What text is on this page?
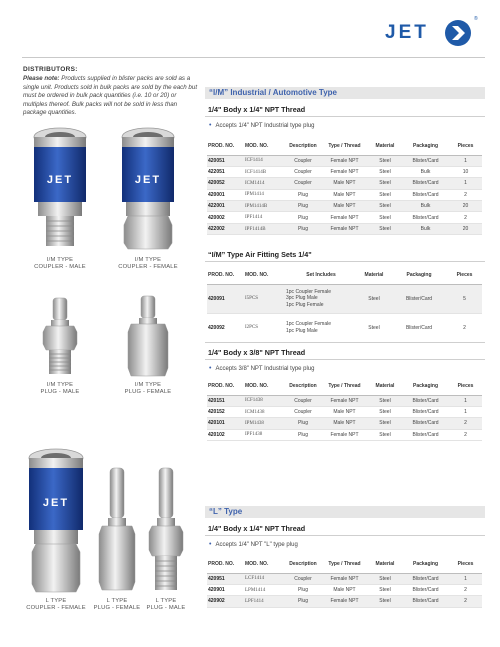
JET
®
DISTRIBUTORS:
Please note: Products supplied in blister packs are sold as a single unit. Products sold in bulk packs are sold by the each but must be ordered in bulk pack quantities (i.e. 10 or 20) or multiples thereof. Bulk packs will not be sold in less than package quantities.
JET
I/M TYPE
COUPLER - MALE
JET
I/M TYPE
COUPLER - FEMALE
I/M TYPE
PLUG - MALE
I/M TYPE
PLUG - FEMALE
JET
L TYPE
COUPLER - FEMALE
L TYPE
PLUG - FEMALE
L TYPE
PLUG - MALE
“I/M” Industrial / Automotive Type
1/4" Body x 1/4" NPT Thread
• Accepts 1/4" NPT Industrial type plug
PROD. NO.	MOD. NO.	Description	Type / Thread	Material	Packaging	Pieces
420051	ICF1414	Coupler	Female NPT	Steel	Blister/Card	1
422051	ICF1414B	Coupler	Female NPT	Steel	Bulk	10
420052	ICM1414	Coupler	Male NPT	Steel	Blister/Card	1
420001	IPM1414	Plug	Male NPT	Steel	Blister/Card	2
422001	IPM1414B	Plug	Male NPT	Steel	Bulk	20
420002	IPF1414	Plug	Female NPT	Steel	Blister/Card	2
422002	IPF1414B	Plug	Female NPT	Steel	Bulk	20
“I/M” Type Air Fitting Sets 1/4"
PROD. NO.	MOD. NO.	Set Includes	Material	Packaging	Pieces
420091	I5PCS	1pc Coupler Female
3pc Plug Male
1pc Plug Female	Steel	Blister/Card	5
420092	I2PCS	1pc Coupler Female
1pc Plug Male	Steel	Blister/Card	2
1/4" Body x 3/8" NPT Thread
• Accepts 3/8" NPT Industrial type plug
PROD. NO.	MOD. NO.	Description	Type / Thread	Material	Packaging	Pieces
420151	ICF1438	Coupler	Female NPT	Steel	Blister/Card	1
420152	ICM1438	Coupler	Male NPT	Steel	Blister/Card	1
420101	IPM1438	Plug	Male NPT	Steel	Blister/Card	2
420102	IPF1438	Plug	Female NPT	Steel	Blister/Card	2
“L” Type
1/4" Body x 1/4" NPT Thread
• Accepts 1/4" NPT "L" type plug
PROD. NO.	MOD. NO.	Description	Type / Thread	Material	Packaging	Pieces
420951	LCF1414	Coupler	Female NPT	Steel	Blister/Card	1
420901	LPM1414	Plug	Male NPT	Steel	Blister/Card	2
420902	LPF1414	Plug	Female NPT	Steel	Blister/Card	2
